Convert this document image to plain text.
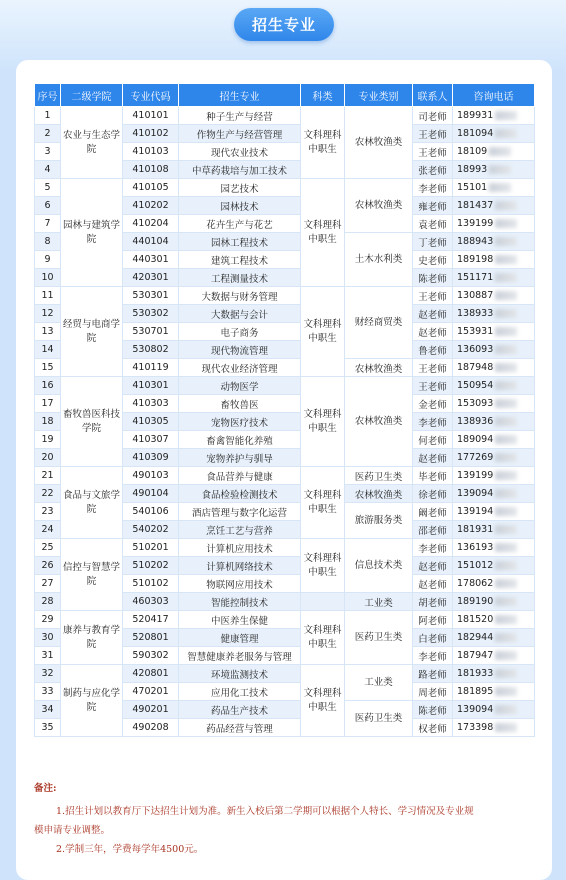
招生专业
序号	二级学院	专业代码	招生专业	科类	专业类别	联系人	咨询电话
1	农业与生态学院	410101	种子生产与经营	文科理科中职生	农林牧渔类	司老师	189931
2		410102	作物生产与经营管理			王老师	181094
3		410103	现代农业技术			王老师	18109
4		410108	中草药栽培与加工技术			张老师	18993
5	园林与建筑学院	410105	园艺技术	文科理科中职生	农林牧渔类	李老师	15101
6		410202	园林技术			雍老师	181437
7		410204	花卉生产与花艺			袁老师	139199
8		440104	园林工程技术		土木水利类	丁老师	188943
9		440301	建筑工程技术			史老师	189198
10		420301	工程测量技术			陈老师	151171
11	经贸与电商学院	530301	大数据与财务管理	文科理科中职生	财经商贸类	王老师	130887
12		530302	大数据与会计			赵老师	138933
13		530701	电子商务			赵老师	153931
14		530802	现代物流管理			鲁老师	136093
15		410119	现代农业经济管理		农林牧渔类	王老师	187948
16	畜牧兽医科技学院	410301	动物医学	文科理科中职生	农林牧渔类	王老师	150954
17		410303	畜牧兽医			金老师	153093
18		410305	宠物医疗技术			李老师	138936
19		410307	畜禽智能化养殖			何老师	189094
20		410309	宠物养护与驯导			赵老师	177269
21	食品与文旅学院	490103	食品营养与健康	文科理科中职生	医药卫生类	毕老师	139199
22		490104	食品检验检测技术		农林牧渔类	徐老师	139094
23		540106	酒店管理与数字化运营		旅游服务类	阚老师	139194
24		540202	烹饪工艺与营养			邵老师	181931
25	信控与智慧学院	510201	计算机应用技术	文科理科中职生	信息技术类	李老师	136193
26		510202	计算机网络技术			赵老师	151012
27		510102	物联网应用技术			赵老师	178062
28		460303	智能控制技术		工业类	胡老师	189190
29	康养与教育学院	520417	中医养生保健	文科理科中职生	医药卫生类	阿老师	181520
30		520801	健康管理			白老师	182944
31		590302	智慧健康养老服务与管理			李老师	187947
32	制药与应化学院	420801	环境监测技术	文科理科中职生	工业类	路老师	181933
33		470201	应用化工技术			周老师	181895
34		490201	药品生产技术		医药卫生类	陈老师	139094
35		490208	药品经营与管理			权老师	173398
备注:
1.招生计划以教育厅下达招生计划为准。新生入校后第二学期可以根据个人特长、学习情况及专业规
模申请专业调整。
2.学制三年，学费每学年4500元。
